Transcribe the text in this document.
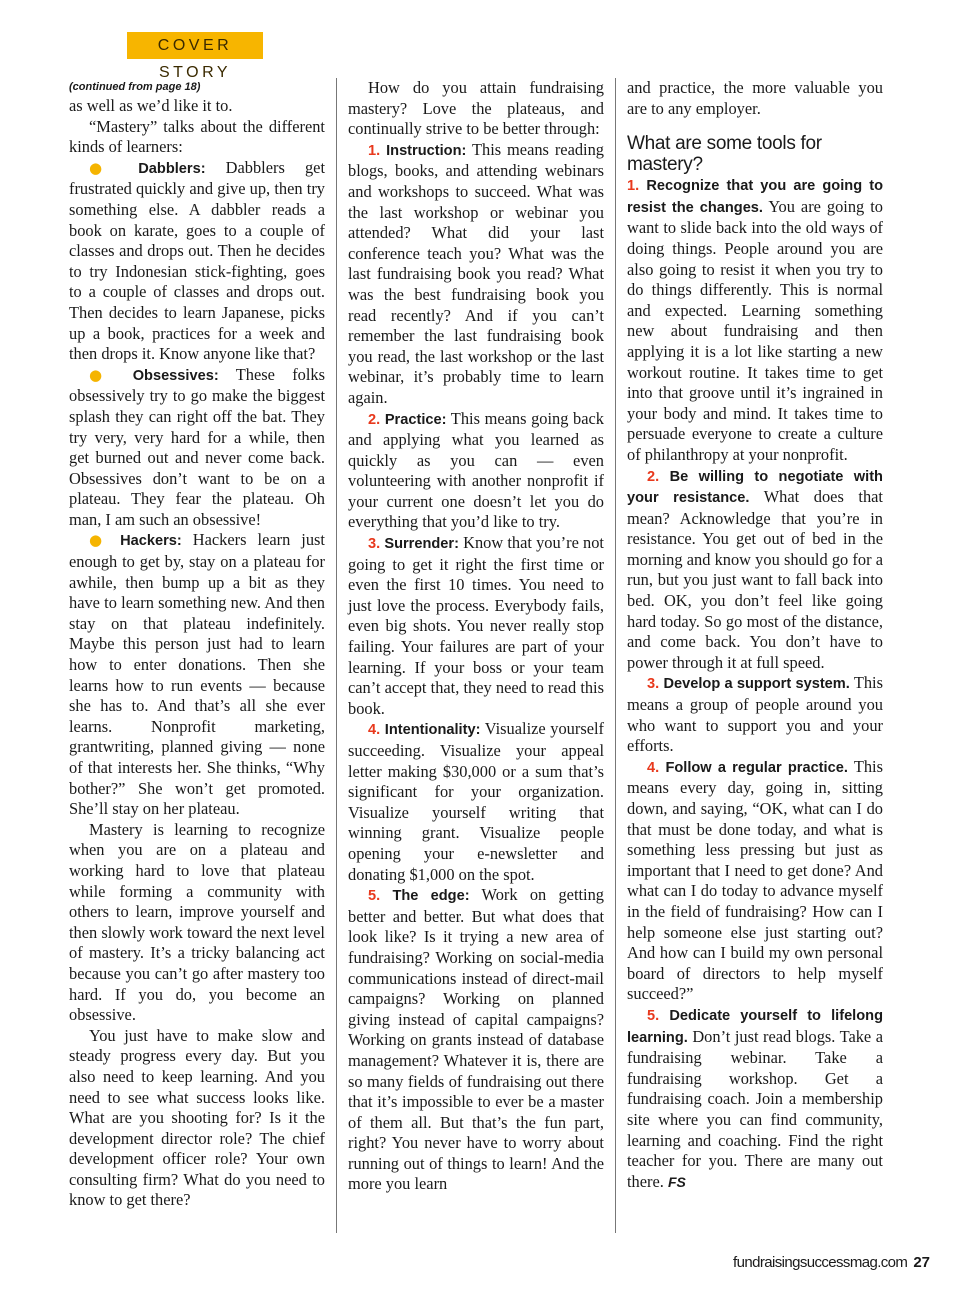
COVER STORY

(continued from page 18)

as well as we’d like it to.

“Mastery” talks about the different kinds of learners:

● Dabblers: Dabblers get frustrated quickly and give up, then try something else. A dabbler reads a book on karate, goes to a couple of classes and drops out. Then he decides to try Indonesian stick-fighting, goes to a couple of classes and drops out. Then decides to learn Japanese, picks up a book, practices for a week and then drops it. Know anyone like that?

● Obsessives: These folks obsessively try to go make the biggest splash they can right off the bat. They try very, very hard for a while, then get burned out and never come back. Obsessives don’t want to be on a plateau. They fear the plateau. Oh man, I am such an obsessive!

● Hackers: Hackers learn just enough to get by, stay on a plateau for awhile, then bump up a bit as they have to learn something new. And then stay on that plateau indefinitely. Maybe this person just had to learn how to enter donations. Then she learns how to run events — because she has to. And that’s all she ever learns. Nonprofit marketing, grantwriting, planned giving — none of that interests her. She thinks, “Why bother?” She won’t get promoted. She’ll stay on her plateau.

Mastery is learning to recognize when you are on a plateau and working hard to love that plateau while forming a community with others to learn, improve yourself and then slowly work toward the next level of mastery. It’s a tricky balancing act because you can’t go after mastery too hard. If you do, you become an obsessive.

You just have to make slow and steady progress every day. But you also need to keep learning. And you need to see what success looks like. What are you shooting for? Is it the development director role? The chief development officer role? Your own consulting firm? What do you need to know to get there?

How do you attain fundraising mastery? Love the plateaus, and continually strive to be better through:

1. Instruction: This means reading blogs, books, and attending webinars and workshops to succeed. What was the last workshop or webinar you attended? What did your last conference teach you? What was the last fundraising book you read? What was the best fundraising book you read recently? And if you can’t remember the last fundraising book you read, the last workshop or the last webinar, it’s probably time to learn again.

2. Practice: This means going back and applying what you learned as quickly as you can — even volunteering with another nonprofit if your current one doesn’t let you do everything that you’d like to try.

3. Surrender: Know that you’re not going to get it right the first time or even the first 10 times. You need to just love the process. Everybody fails, even big shots. You never really stop failing. Your failures are part of your learning. If your boss or your team can’t accept that, they need to read this book.

4. Intentionality: Visualize yourself succeeding. Visualize your appeal letter making $30,000 or a sum that’s significant for your organization. Visualize yourself writing that winning grant. Visualize people opening your e-newsletter and donating $1,000 on the spot.

5. The edge: Work on getting better and better. But what does that look like? Is it trying a new area of fundraising? Working on social-media communications instead of direct-mail campaigns? Working on planned giving instead of capital campaigns? Working on grants instead of database management? Whatever it is, there are so many fields of fundraising out there that it’s impossible to ever be a master of them all. But that’s the fun part, right? You never have to worry about running out of things to learn! And the more you learn

and practice, the more valuable you are to any employer.

What are some tools for mastery?

1. Recognize that you are going to resist the changes. You are going to want to slide back into the old ways of doing things. People around you are also going to resist it when you try to do things differently. This is normal and expected. Learning something new about fundraising and then applying it is a lot like starting a new workout routine. It takes time to get into that groove until it’s ingrained in your body and mind. It takes time to persuade everyone to create a culture of philanthropy at your nonprofit.

2. Be willing to negotiate with your resistance. What does that mean? Acknowledge that you’re in resistance. You get out of bed in the morning and know you should go for a run, but you just want to fall back into bed. OK, you don’t feel like going hard today. So go most of the distance, and come back. You don’t have to power through it at full speed.

3. Develop a support system. This means a group of people around you who want to support you and your efforts.

4. Follow a regular practice. This means every day, going in, sitting down, and saying, “OK, what can I do that must be done today, and what is something less pressing but just as important that I need to get done? And what can I do today to advance myself in the field of fundraising? How can I help someone else just starting out? And how can I build my own personal board of directors to help myself succeed?”

5. Dedicate yourself to lifelong learning. Don’t just read blogs. Take a fundraising webinar. Take a fundraising workshop. Get a fundraising coach. Join a membership site where you can find community, learning and coaching. Find the right teacher for you. There are many out there. FS

fundraisingsuccessmag.com 27
